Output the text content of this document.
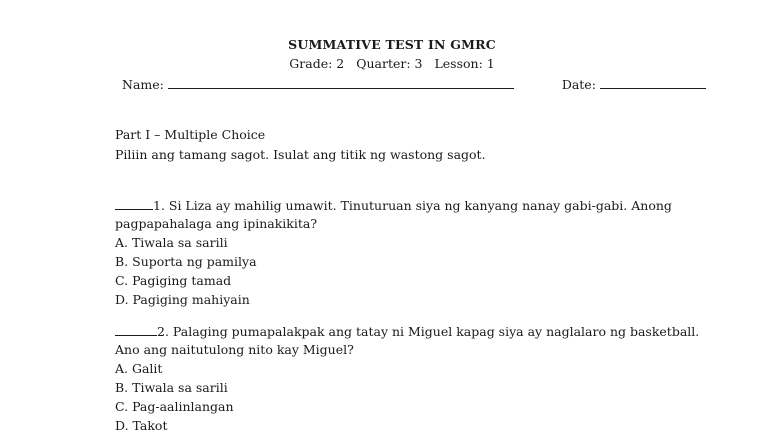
SUMMATIVE TEST IN GMRC
Grade: 2 Quarter: 3 Lesson: 1
Name:	Date:
Part I – Multiple Choice
Piliin ang tamang sagot. Isulat ang titik ng wastong sagot.
1. Si Liza ay mahilig umawit. Tinuturuan siya ng kanyang nanay gabi-gabi. Anong
pagpapahalaga ang ipinakikita?
A. Tiwala sa sarili
B. Suporta ng pamilya
C. Pagiging tamad
D. Pagiging mahiyain
2. Palaging pumapalakpak ang tatay ni Miguel kapag siya ay naglalaro ng basketball.
Ano ang naitutulong nito kay Miguel?
A. Galit
B. Tiwala sa sarili
C. Pag-aalinlangan
D. Takot
